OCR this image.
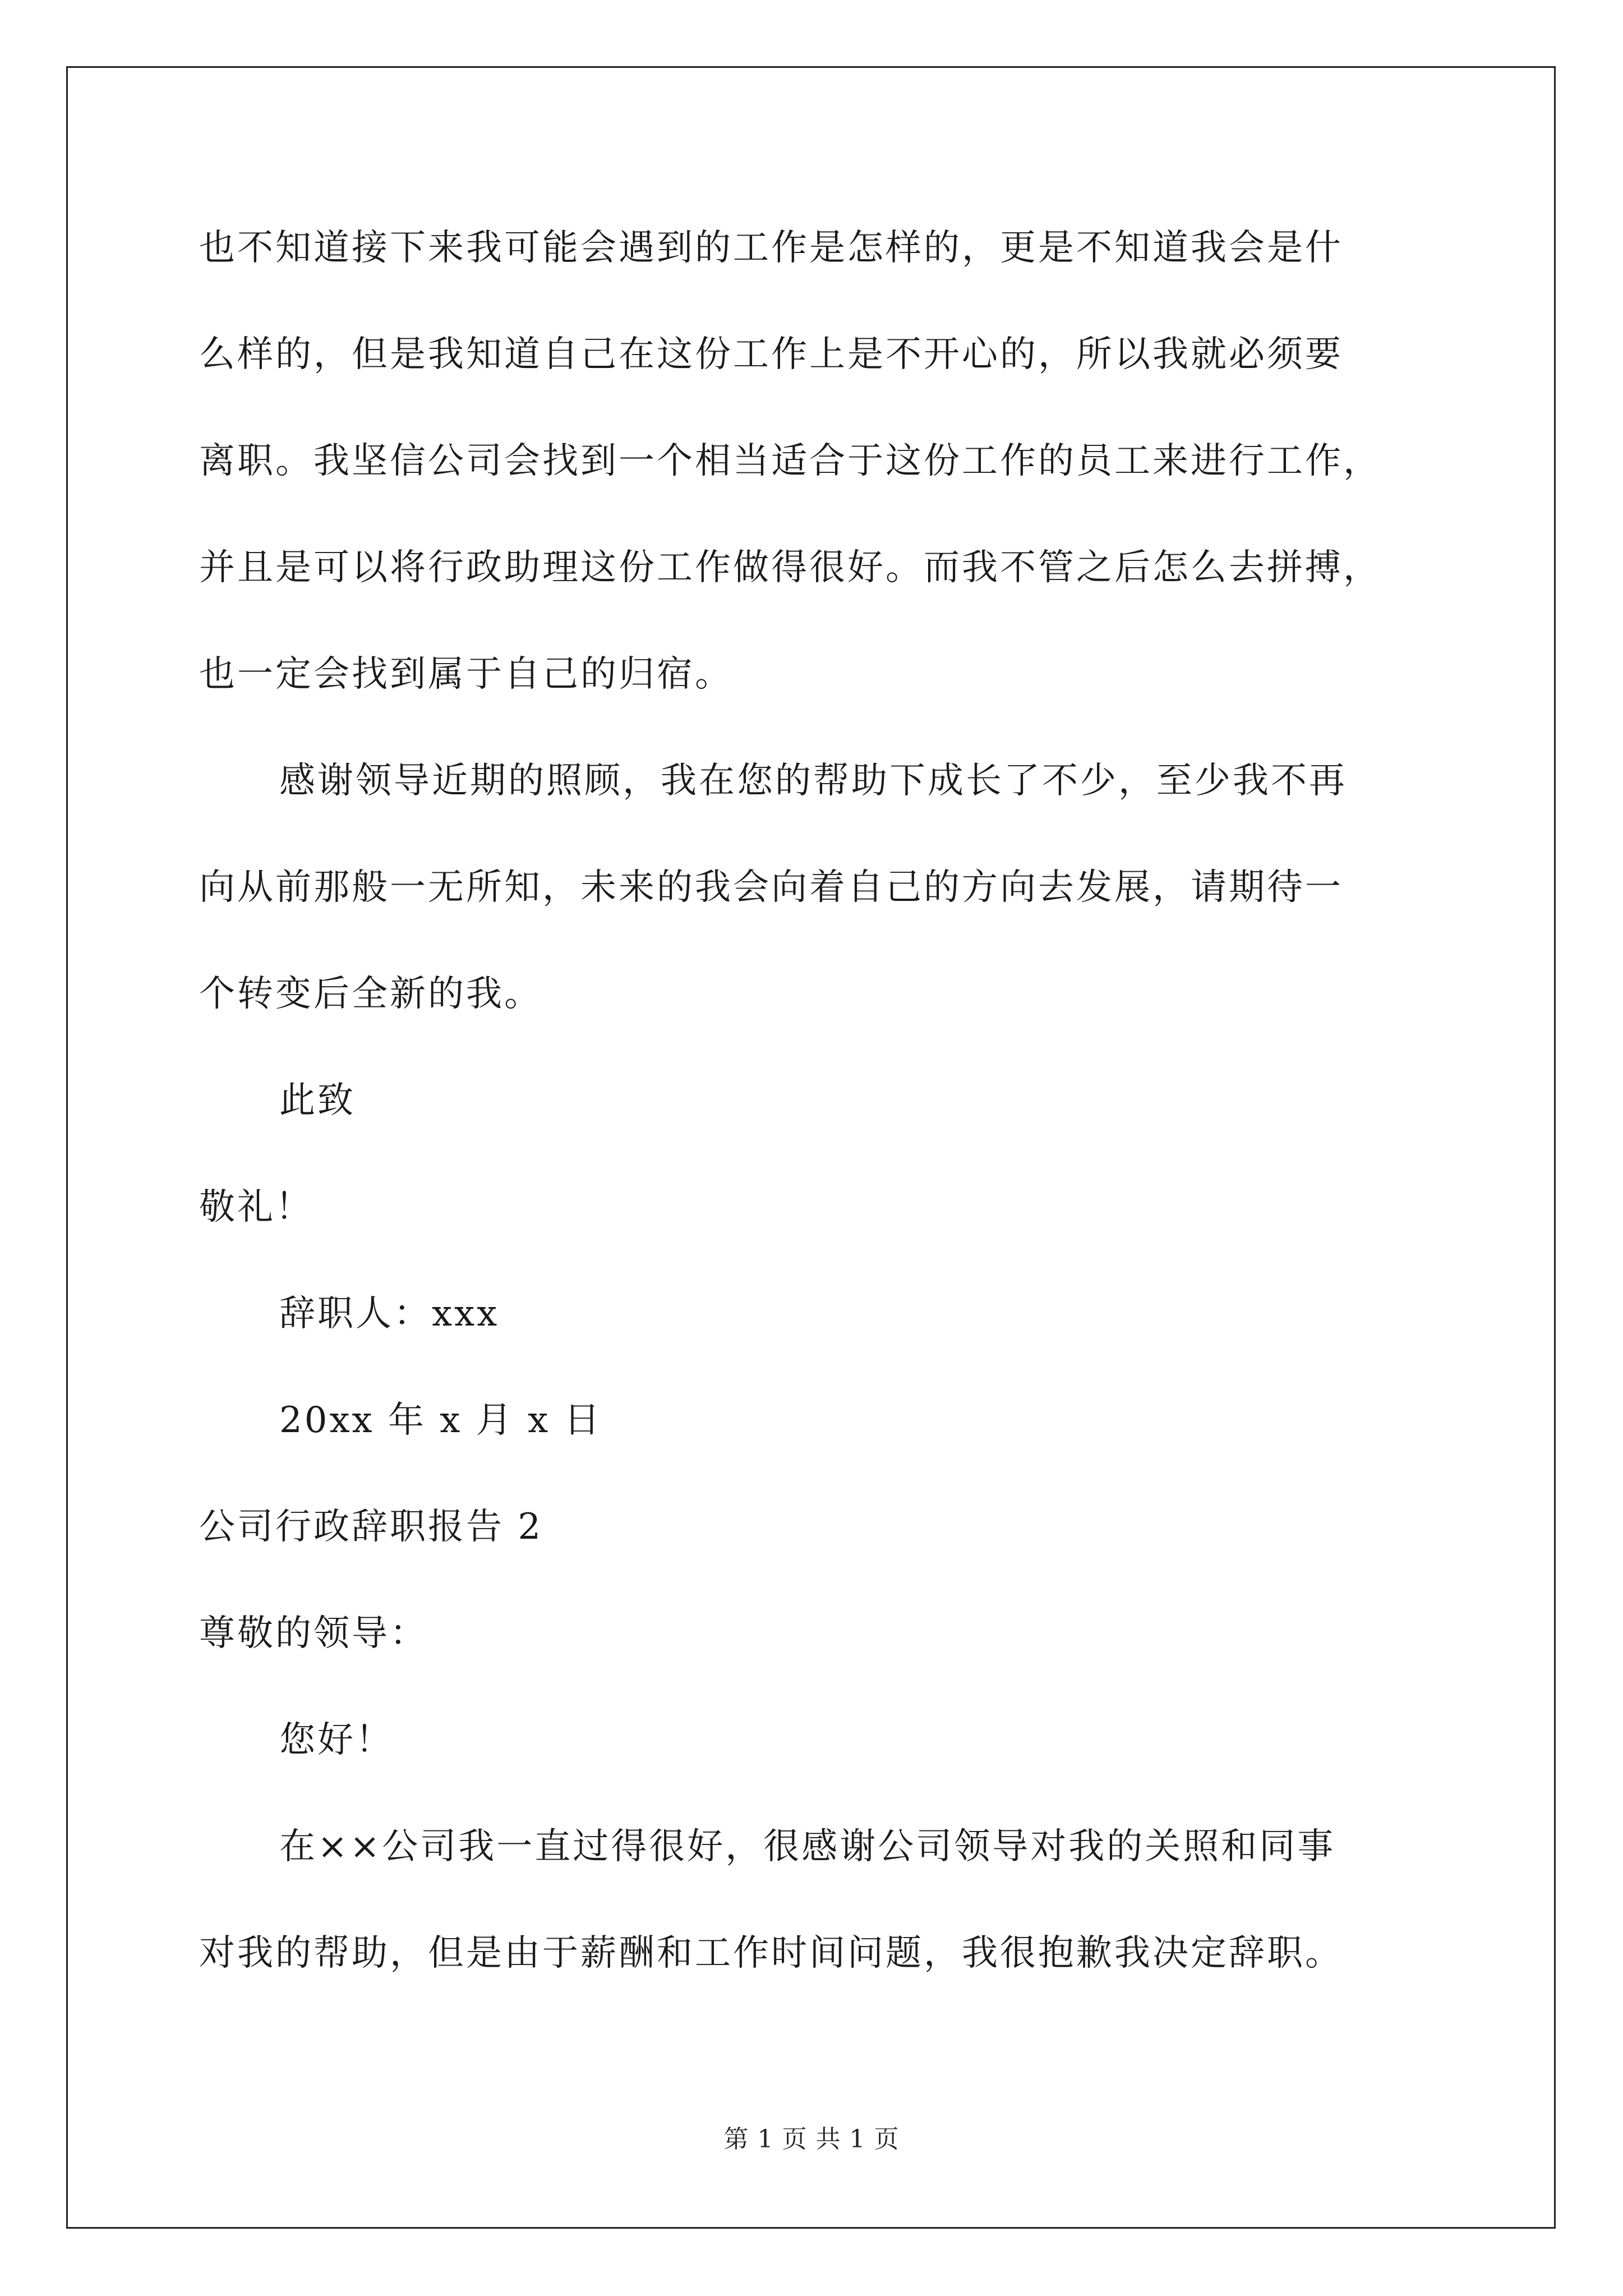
也不知道接下来我可能会遇到的工作是怎样的，更是不知道我会是什
么样的，但是我知道自己在这份工作上是不开心的，所以我就必须要
离职。我坚信公司会找到一个相当适合于这份工作的员工来进行工作，
并且是可以将行政助理这份工作做得很好。而我不管之后怎么去拼搏，
也一定会找到属于自己的归宿。
感谢领导近期的照顾，我在您的帮助下成长了不少，至少我不再
向从前那般一无所知，未来的我会向着自己的方向去发展，请期待一
个转变后全新的我。
此致
敬礼！
辞职人：xxx
20xx 年 x 月 x 日
公司行政辞职报告 2
尊敬的领导：
您好！
在××公司我一直过得很好，很感谢公司领导对我的关照和同事
对我的帮助，但是由于薪酬和工作时间问题，我很抱歉我决定辞职。
第 1 页 共 1 页
